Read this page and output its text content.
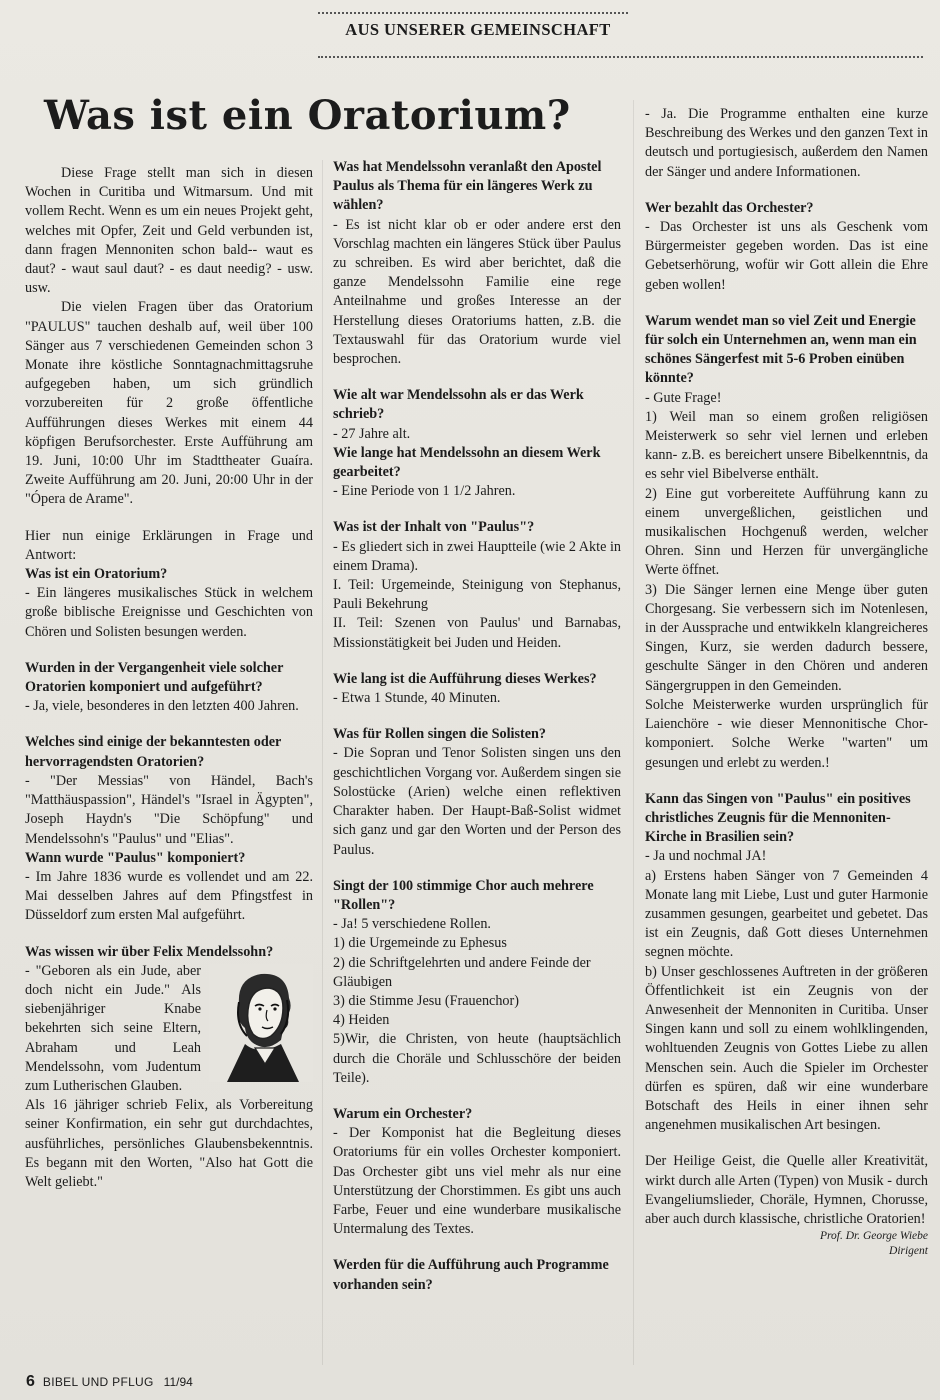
AUS UNSERER GEMEINSCHAFT
Was ist ein Oratorium?

Diese Frage stellt man sich in diesen Wochen in Curitiba und Witmarsum. Und mit vollem Recht. Wenn es um ein neues Projekt geht, welches mit Opfer, Zeit und Geld verbunden ist, dann fragen Mennoniten schon bald-- waut es daut? - waut saul daut? - es daut needig? - usw. usw.

Die vielen Fragen über das Oratorium "PAULUS" tauchen deshalb auf, weil über 100 Sänger aus 7 verschiedenen Gemeinden schon 3 Monate ihre köstliche Sonntagnachmittagsruhe aufgegeben haben, um sich gründlich vorzubereiten für 2 große öffentliche Aufführungen dieses Werkes mit einem 44 köpfigen Berufsorchester. Erste Aufführung am 19. Juni, 10:00 Uhr im Stadttheater Guaíra. Zweite Aufführung am 20. Juni, 20:00 Uhr in der "Ópera de Arame".

Hier nun einige Erklärungen in Frage und Antwort:

Was ist ein Oratorium?

- Ein längeres musikalisches Stück in welchem große biblische Ereignisse und Geschichten von Chören und Solisten besungen werden.

Wurden in der Vergangenheit viele solcher Oratorien komponiert und aufgeführt?

- Ja, viele, besonderes in den letzten 400 Jahren.

Welches sind einige der bekanntesten oder hervorragendsten Oratorien?

- "Der Messias" von Händel, Bach's "Matthäuspassion", Händel's "Israel in Ägypten", Joseph Haydn's "Die Schöpfung" und Mendelssohn's "Paulus" und "Elias".

Wann wurde "Paulus" komponiert?

- Im Jahre 1836 wurde es vollendet und am 22. Mai desselben Jahres auf dem Pfingstfest in Düsseldorf zum ersten Mal aufgeführt.

Was wissen wir über Felix Mendelssohn?

- "Geboren als ein Jude, aber doch nicht ein Jude." Als siebenjähriger Knabe bekehrten sich seine Eltern, Abraham und Leah Mendelssohn, vom Judentum zum Lutherischen Glauben.

Als 16 jähriger schrieb Felix, als Vorbereitung seiner Konfirmation, ein sehr gut durchdachtes, ausführliches, persönliches Glaubensbekenntnis. Es begann mit den Worten, "Also hat Gott die Welt geliebt."

Was hat Mendelssohn veranlaßt den Apostel Paulus als Thema für ein längeres Werk zu wählen?

- Es ist nicht klar ob er oder andere erst den Vorschlag machten ein längeres Stück über Paulus zu schreiben. Es wird aber berichtet, daß die ganze Mendelssohn Familie eine rege Anteilnahme und großes Interesse an der Herstellung dieses Oratoriums hatten, z.B. die Textauswahl für das Oratorium wurde viel besprochen.

Wie alt war Mendelssohn als er das Werk schrieb?

- 27 Jahre alt.

Wie lange hat Mendelssohn an diesem Werk gearbeitet?

- Eine Periode von 1 1/2 Jahren.

Was ist der Inhalt von "Paulus"?

- Es gliedert sich in zwei Hauptteile (wie 2 Akte in einem Drama).

I. Teil: Urgemeinde, Steinigung von Stephanus, Pauli Bekehrung

II. Teil: Szenen von Paulus' und Barnabas, Missionstätigkeit bei Juden und Heiden.

Wie lang ist die Aufführung dieses Werkes?

- Etwa 1 Stunde, 40 Minuten.

Was für Rollen singen die Solisten?

- Die Sopran und Tenor Solisten singen uns den geschichtlichen Vorgang vor. Außerdem singen sie Solostücke (Arien) welche einen reflektiven Charakter haben. Der Haupt-Baß-Solist widmet sich ganz und gar den Worten und der Person des Paulus.

Singt der 100 stimmige Chor auch mehrere "Rollen"?

- Ja! 5 verschiedene Rollen.

1) die Urgemeinde zu Ephesus
2) die Schriftgelehrten und andere Feinde der Gläubigen
3) die Stimme Jesu (Frauenchor)
4) Heiden
5)Wir, die Christen, von heute (hauptsächlich durch die Choräle und Schlusschöre der beiden Teile).
Warum ein Orchester?

- Der Komponist hat die Begleitung dieses Oratoriums für ein volles Orchester komponiert. Das Orchester gibt uns viel mehr als nur eine Unterstützung der Chorstimmen. Es gibt uns auch Farbe, Feuer und eine wunderbare musikalische Untermalung des Textes.

Werden für die Aufführung auch Programme vorhanden sein?

- Ja. Die Programme enthalten eine kurze Beschreibung des Werkes und den ganzen Text in deutsch und portugiesisch, außerdem den Namen der Sänger und andere Informationen.

Wer bezahlt das Orchester?

- Das Orchester ist uns als Geschenk vom Bürgermeister gegeben worden. Das ist eine Gebetserhörung, wofür wir Gott allein die Ehre geben wollen!

Warum wendet man so viel Zeit und Energie für solch ein Unternehmen an, wenn man ein schönes Sängerfest mit 5-6 Proben einüben könnte?

- Gute Frage!

1) Weil man so einem großen religiösen Meisterwerk so sehr viel lernen und erleben kann- z.B. es bereichert unsere Bibelkenntnis, da es sehr viel Bibelverse enthält.

2) Eine gut vorbereitete Aufführung kann zu einem unvergeßlichen, geistlichen und musikalischen Hochgenuß werden, welcher Ohren. Sinn und Herzen für unvergängliche Werte öffnet.

3) Die Sänger lernen eine Menge über guten Chorgesang. Sie verbessern sich im Notenlesen, in der Aussprache und entwikkeln klangreicheres Singen, Kurz, sie werden dadurch bessere, geschulte Sänger in den Chören und anderen Sängergruppen in den Gemeinden.

Solche Meisterwerke wurden ursprünglich für Laienchöre - wie dieser Mennonitische Chor-komponiert. Solche Werke "warten" um gesungen und erlebt zu werden.!

Kann das Singen von "Paulus" ein positives christliches Zeugnis für die Mennoniten-Kirche in Brasilien sein?

- Ja und nochmal JA!

a) Erstens haben Sänger von 7 Gemeinden 4 Monate lang mit Liebe, Lust und guter Harmonie zusammen gesungen, gearbeitet und gebetet. Das ist ein Zeugnis, daß Gott dieses Unternehmen segnen möchte.

b) Unser geschlossenes Auftreten in der größeren Öffentlichkeit ist ein Zeugnis von der Anwesenheit der Mennoniten in Curitiba. Unser Singen kann und soll zu einem wohlklingenden, wohltuenden Zeugnis von Gottes Liebe zu allen Menschen sein. Auch die Spieler im Orchester dürfen es spüren, daß wir eine wunderbare Botschaft des Heils in einer ihnen sehr angenehmen musikalischen Art besingen.

Der Heilige Geist, die Quelle aller Kreativität, wirkt durch alle Arten (Typen) von Musik - durch Evangeliumslieder, Choräle, Hymnen, Chorusse, aber auch durch klassische, christliche Oratorien!

Prof. Dr. George Wiebe
Dirigent
6 BIBEL UND PFLUG 11/94
